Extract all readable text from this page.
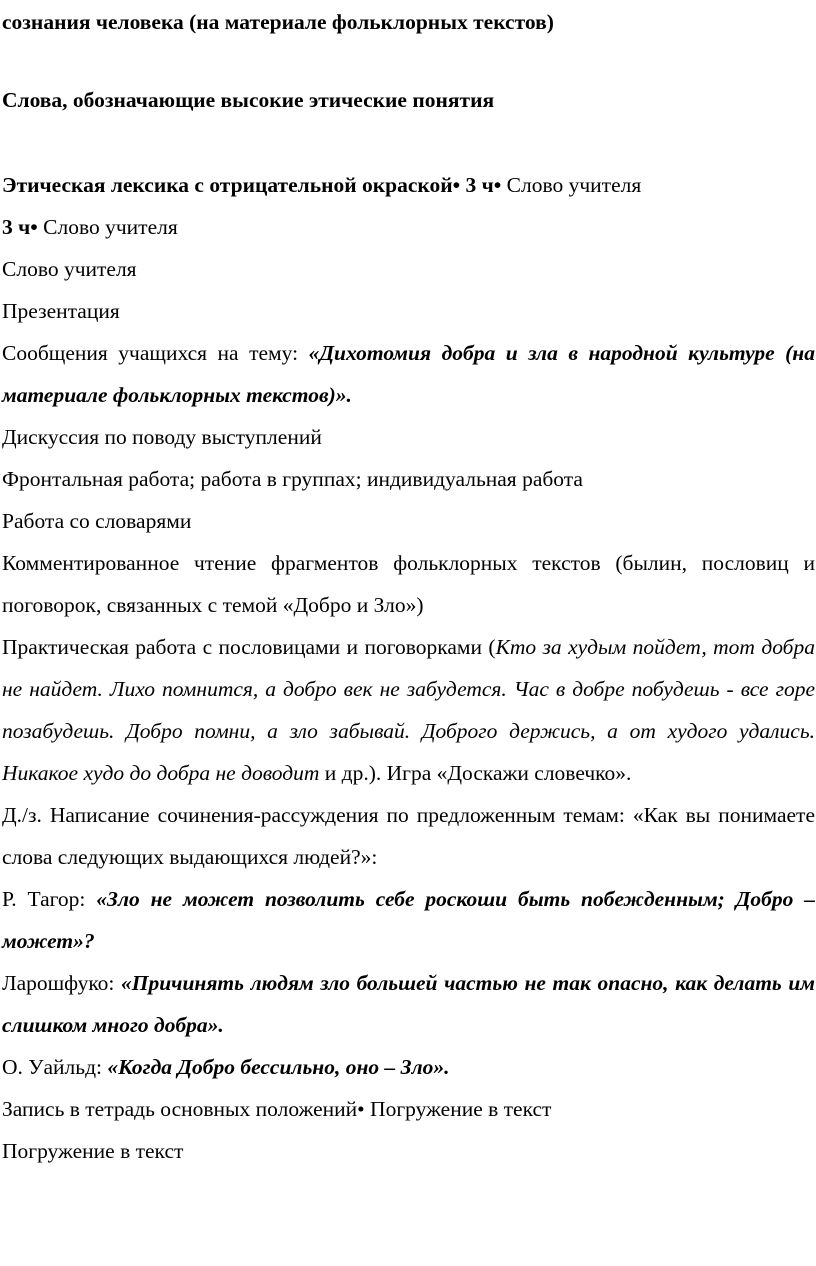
сознания человека (на материале фольклорных текстов)

Слова, обозначающие высокие этические понятия

Этическая лексика с отрицательной окраской• 3 ч• Слово учителя

3 ч• Слово учителя

Слово учителя

Презентация

Сообщения учащихся на тему: «Дихотомия добра и зла в народной культуре (на материале фольклорных текстов)».

Дискуссия по поводу выступлений

Фронтальная работа; работа в группах; индивидуальная работа

Работа со словарями

Комментированное чтение фрагментов фольклорных текстов (былин, пословиц и поговорок, связанных с темой «Добро и Зло»)

Практическая работа с пословицами и поговорками (Кто за худым пойдет, тот добра не найдет. Лихо помнится, а добро век не забудется. Час в добре побудешь - все горе позабудешь. Добро помни, а зло забывай. Доброго держись, а от худого удались. Никакое худо до добра не доводит и др.). Игра «Доскажи словечко».

Д./з. Написание сочинения-рассуждения по предложенным темам: «Как вы понимаете слова следующих выдающихся людей?»:

Р. Тагор: «Зло не может позволить себе роскоши быть побежденным; Добро – может»?

Ларошфуко: «Причинять людям зло большей частью не так опасно, как делать им слишком много добра».

О. Уайльд: «Когда Добро бессильно, оно – Зло».

Запись в тетрадь основных положений• Погружение в текст

Погружение в текст
